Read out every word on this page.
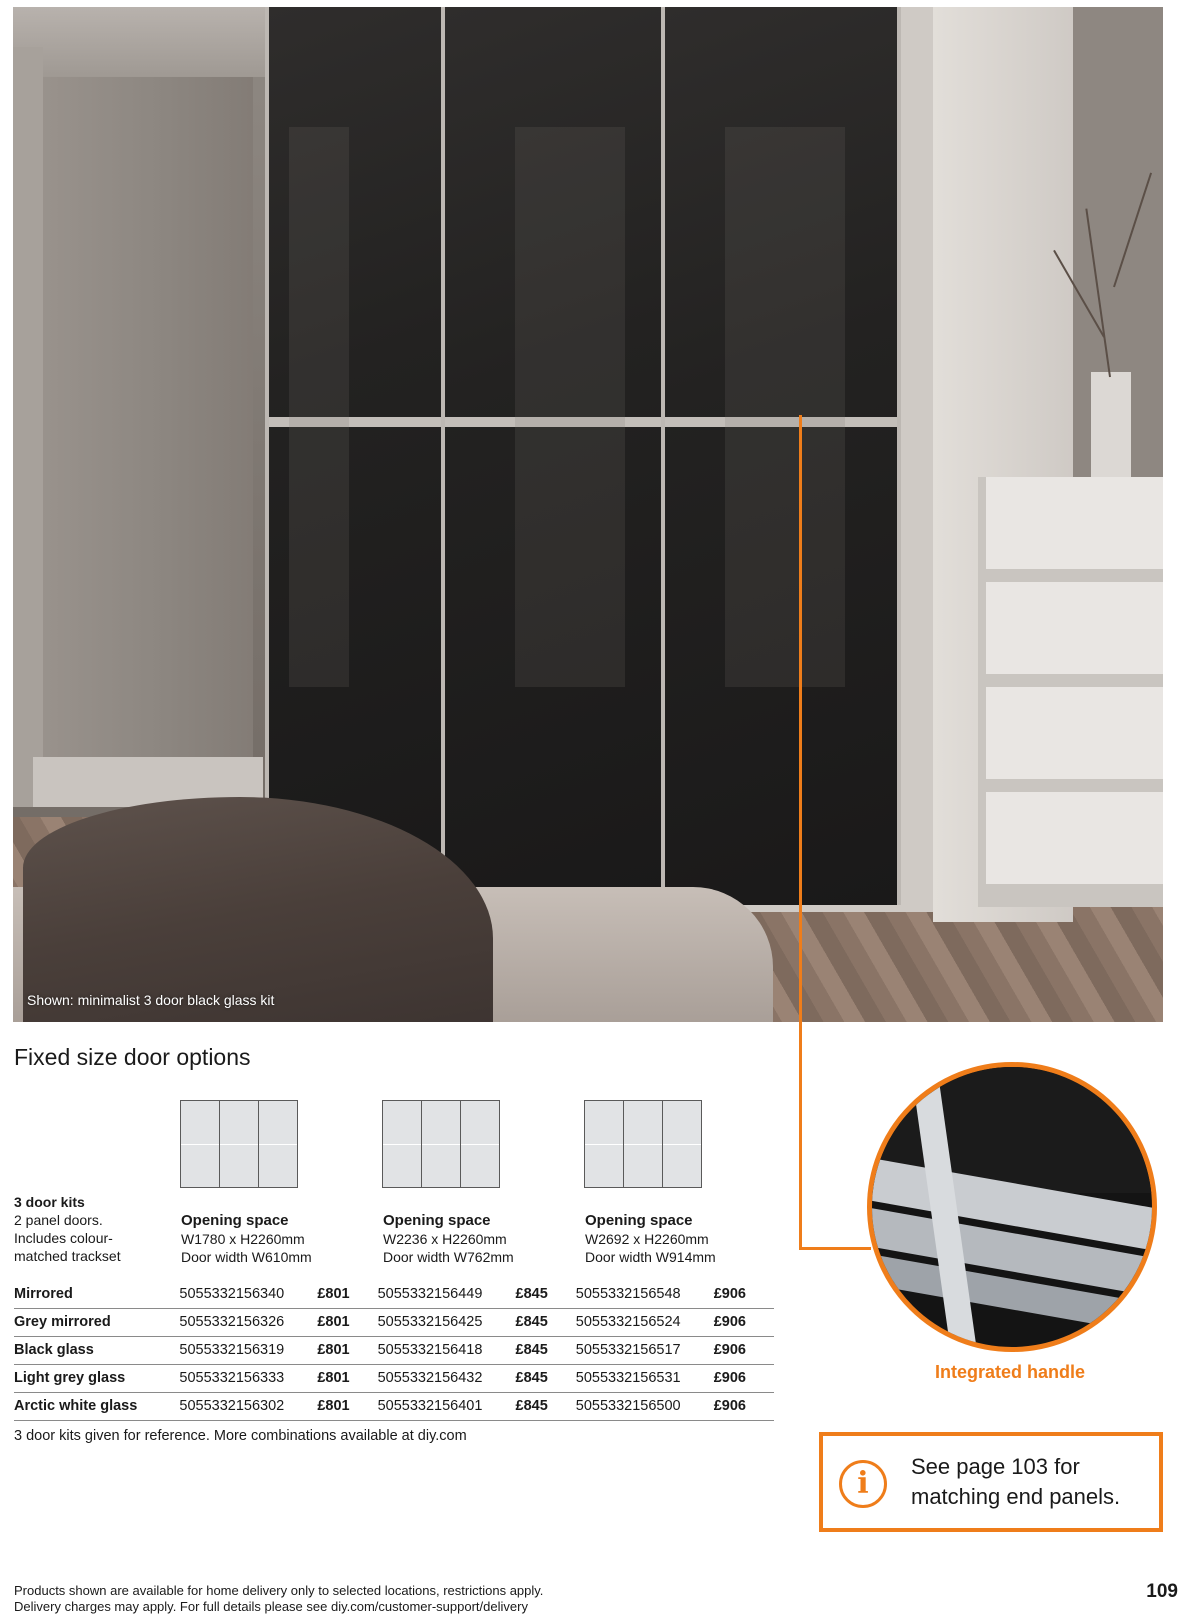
Shown: minimalist 3 door black glass kit
Integrated handle
Fixed size door options
3 door kits
2 panel doors.
Includes colour-
matched trackset
Opening space
W1780 x H2260mm
Door width W610mm
Opening space
W2236 x H2260mm
Door width W762mm
Opening space
W2692 x H2260mm
Door width W914mm
Mirrored	5055332156340	£801	5055332156449	£845	5055332156548	£906
Grey mirrored	5055332156326	£801	5055332156425	£845	5055332156524	£906
Black glass	5055332156319	£801	5055332156418	£845	5055332156517	£906
Light grey glass	5055332156333	£801	5055332156432	£845	5055332156531	£906
Arctic white glass	5055332156302	£801	5055332156401	£845	5055332156500	£906
3 door kits given for reference. More combinations available at diy.com
i	See page 103 for
matching end panels.
Products shown are available for home delivery only to selected locations, restrictions apply.
Delivery charges may apply. For full details please see diy.com/customer-support/delivery
109
